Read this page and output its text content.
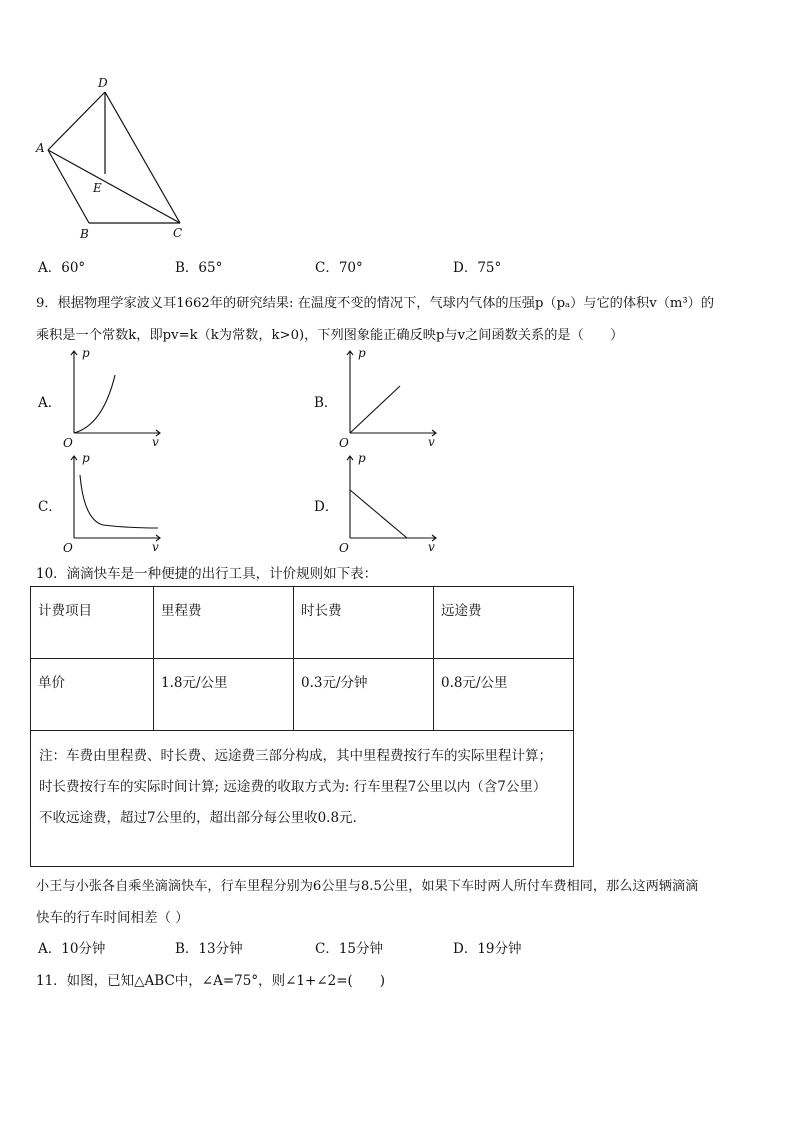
D
A
E
B	C
A．60°	B．65°	C．70°	D．75°
9．根据物理学家波义耳1662年的研究结果: 在温度不变的情况下，气球内气体的压强p（pₐ）与它的体积v（m³）的
乘积是一个常数k，即pv=k（k为常数，k>0)，下列图象能正确反映p与v之间函数关系的是（　　）
A．	B．
C．	D．
p
O	v
p
O	v
p
O	v
p
O	v
10．滴滴快车是一种便捷的出行工具，计价规则如下表：
计费项目	里程费	时长费	远途费
单价	1.8元/公里	0.3元/分钟	0.8元/公里

注：车费由里程费、时长费、远途费三部分构成，其中里程费按行车的实际里程计算；
时长费按行车的实际时间计算; 远途费的收取方式为: 行车里程7公里以内（含7公里）
不收远途费，超过7公里的，超出部分每公里收0.8元.			
小王与小张各自乘坐滴滴快车，行车里程分别为6公里与8.5公里，如果下车时两人所付车费相同，那么这两辆滴滴
快车的行车时间相差（ ）
A．10分钟	B．13分钟	C．15分钟	D．19分钟
11．如图，已知△ABC中，∠A=75°，则∠1+∠2=(　　)
